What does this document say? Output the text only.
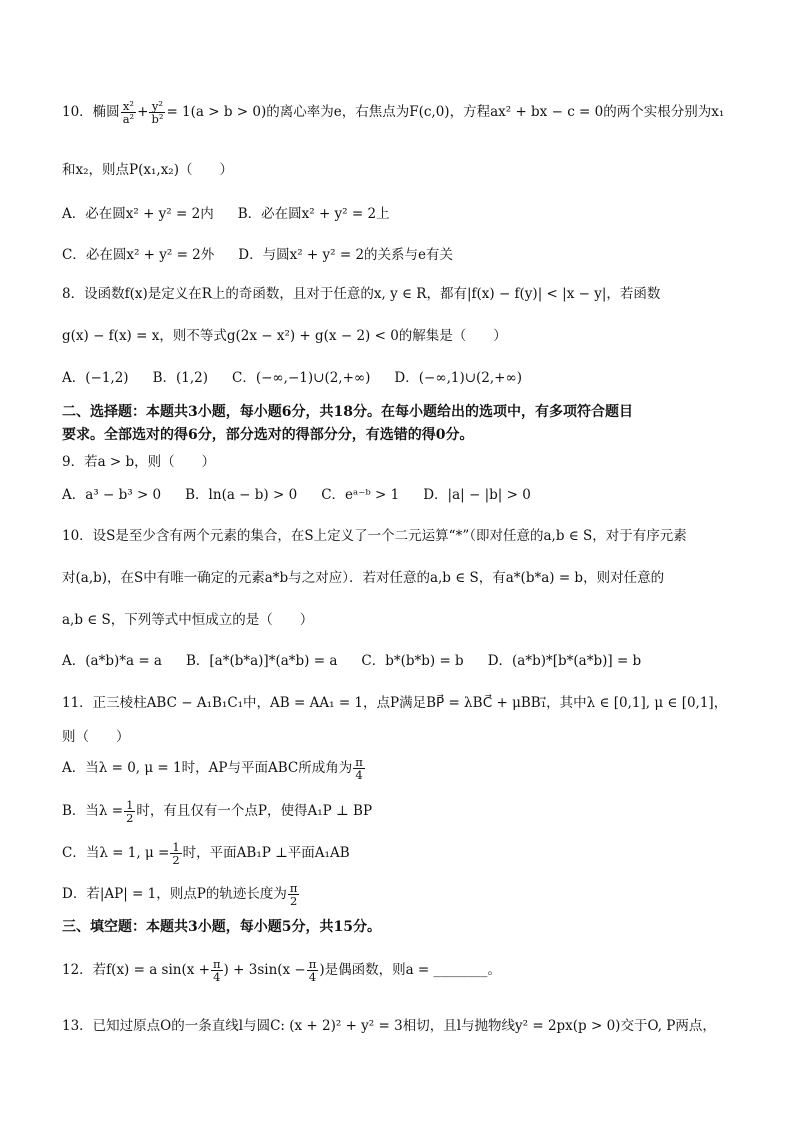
10．椭圆 $\frac{\text{x²}}{\text{a²}} + \frac{\text{y²}}{\text{b²}} = 1(a > b > 0)$的离心率为e，右焦点为F(c,0)，方程ax² + bx − c = 0的两个实根分别为x₁
和x₂，则点P(x₁,x₂)（　　）
A．必在圆x² + y² = 2内 B．必在圆x² + y² = 2上
C．必在圆x² + y² = 2外 D．与圆x² + y² = 2的关系与e有关
8．设函数f(x)是定义在R上的奇函数，且对于任意的x, y ∈ R，都有|f(x) − f(y)| < |x − y|，若函数
g(x) − f(x) = x，则不等式g(2x − x²) + g(x − 2) < 0的解集是（　　）
A．(−1,2) B．(1,2) C．(−∞,−1)∪(2,+∞) D．(−∞,1)∪(2,+∞)
二、选择题：本题共3小题，每小题6分，共18分。在每小题给出的选项中，有多项符合题目
要求。全部选对的得6分，部分选对的得部分分，有选错的得0分。
9．若a > b，则（　　）
A．a³ − b³ > 0 B．ln(a − b) > 0 C．eᵃ⁻ᵇ > 1 D．|a| − |b| > 0
10．设S是至少含有两个元素的集合，在S上定义了一个二元运算“*”（即对任意的a,b ∈ S，对于有序元素
对(a,b)，在S中有唯一确定的元素a*b与之对应）．若对任意的a,b ∈ S，有a*(b*a) = b，则对任意的
a,b ∈ S，下列等式中恒成立的是（　　）
A．(a*b)*a = a B．[a*(b*a)]*(a*b) = a C．b*(b*b) = b D．(a*b)*[b*(a*b)] = b
11．正三棱柱ABC − A₁B₁C₁中，AB = AA₁ = 1，点P满足BP⃗ = λBC⃗ + μBB₁⃗，其中λ ∈ [0,1], μ ∈ [0,1]，
则（　　）
A．当λ = 0, μ = 1时，AP与平面ABC所成角为 $\frac{\pi}{4}$
B．当$\lambda = \frac{1}{2}$ 时，有且仅有一个点P，使得A₁P ⊥ BP
C．当λ = 1, $\mu = \frac{1}{2}$ 时，平面AB₁P ⊥平面A₁AB
D．若|AP| = 1，则点P的轨迹长度为 $\frac{\pi}{2}$
三、填空题：本题共3小题，每小题5分，共15分。
12．若f(x) = a $\sin(x + \frac{\pi}{4}$ ) + $3\sin(x - \frac{\pi}{4}$ )是偶函数，则a = ________。
13．已知过原点O的一条直线l与圆C: (x + 2)² + y² = 3相切，且l与抛物线y² = 2px(p > 0)交于O, P两点，
